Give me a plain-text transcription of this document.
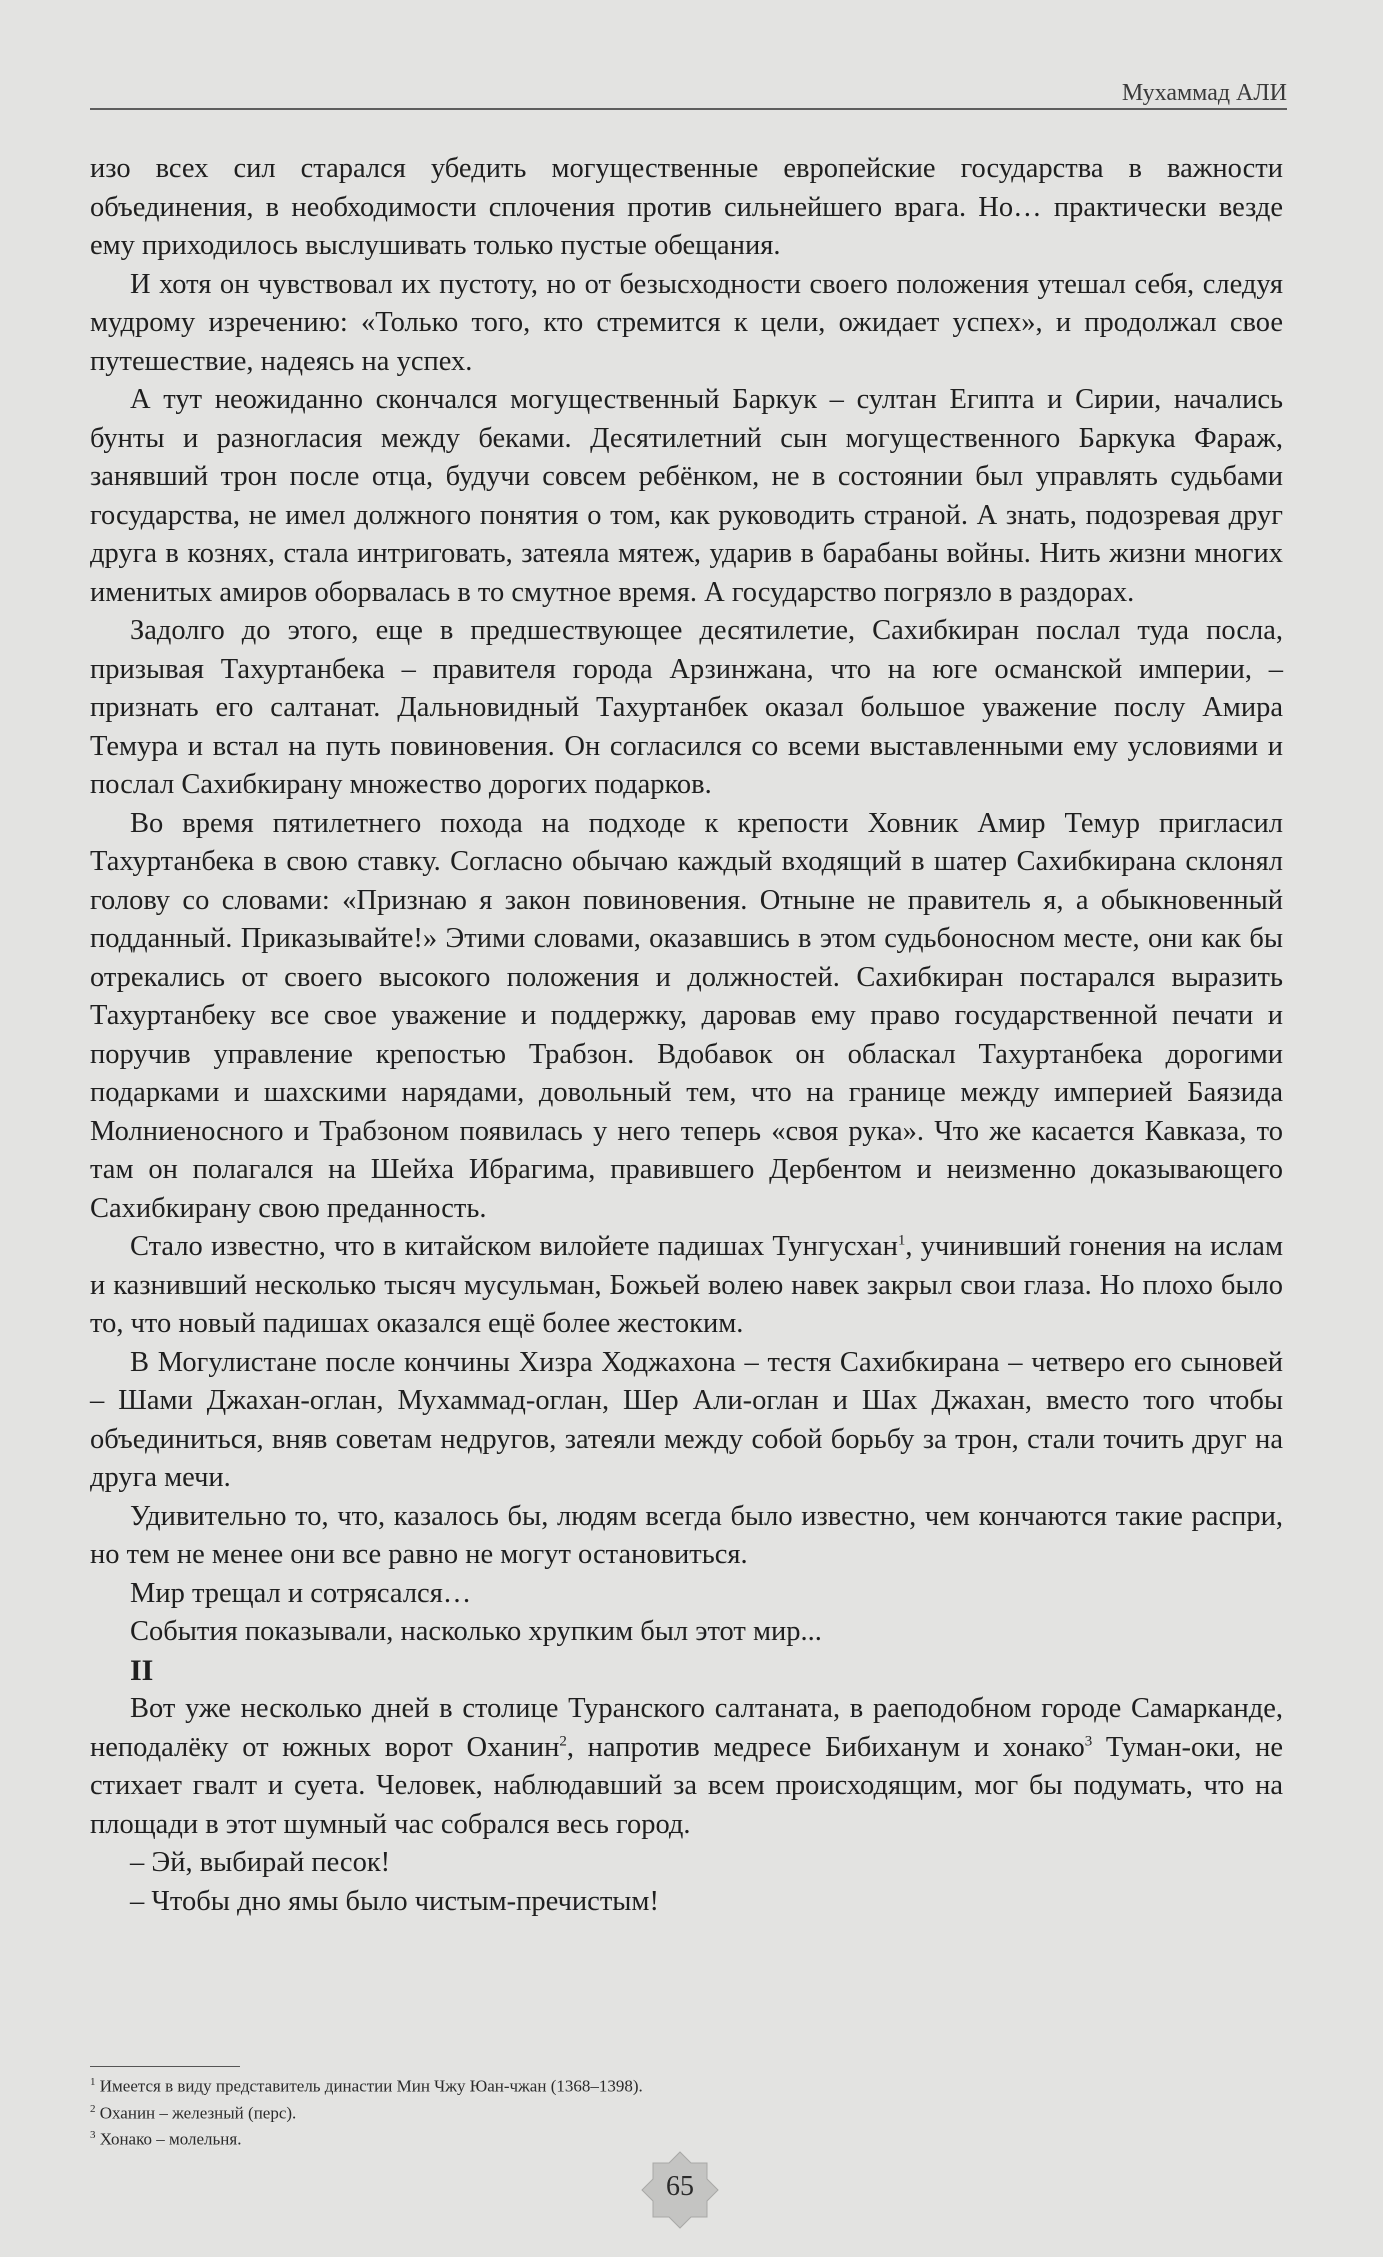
Мухаммад АЛИ

изо всех сил старался убедить могущественные европейские государства в важности объединения, в необходимости сплочения против сильнейшего врага. Но… практически везде ему приходилось выслушивать только пустые обещания.

И хотя он чувствовал их пустоту, но от безысходности своего положения утешал себя, следуя мудрому изречению: «Только того, кто стремится к цели, ожидает успех», и продолжал свое путешествие, надеясь на успех.

А тут неожиданно скончался могущественный Баркук – султан Египта и Сирии, начались бунты и разногласия между беками. Десятилетний сын могущественного Баркука Фараж, занявший трон после отца, будучи совсем ребёнком, не в состоянии был управлять судьбами государства, не имел должного понятия о том, как руководить страной. А знать, подозревая друг друга в кознях, стала интриговать, затеяла мятеж, ударив в барабаны войны. Нить жизни многих именитых амиров оборвалась в то смутное время. А государство погрязло в раздорах.

Задолго до этого, еще в предшествующее десятилетие, Сахибкиран послал туда посла, призывая Тахуртанбека – правителя города Арзинжана, что на юге османской империи, – признать его салтанат. Дальновидный Тахуртанбек оказал большое уважение послу Амира Темура и встал на путь повиновения. Он согласился со всеми выставленными ему условиями и послал Сахибкирану множество дорогих подарков.

Во время пятилетнего похода на подходе к крепости Ховник Амир Темур пригласил Тахуртанбека в свою ставку. Согласно обычаю каждый входящий в шатер Сахибкирана склонял голову со словами: «Признаю я закон повиновения. Отныне не правитель я, а обыкновенный подданный. Приказывайте!» Этими словами, оказавшись в этом судьбоносном месте, они как бы отрекались от своего высокого положения и должностей. Сахибкиран постарался выразить Тахуртанбеку все свое уважение и поддержку, даровав ему право государственной печати и поручив управление крепостью Трабзон. Вдобавок он обласкал Тахуртанбека дорогими подарками и шахскими нарядами, довольный тем, что на границе между империей Баязида Молниеносного и Трабзоном появилась у него теперь «своя рука». Что же касается Кавказа, то там он полагался на Шейха Ибрагима, правившего Дербентом и неизменно доказывающего Сахибкирану свою преданность.

Стало известно, что в китайском вилойете падишах Тунгусхан$^1$, учинивший гонения на ислам и казнивший несколько тысяч мусульман, Божьей волею навек закрыл свои глаза. Но плохо было то, что новый падишах оказался ещё более жестоким.

В Могулистане после кончины Хизра Ходжахона – тестя Сахибкирана – четверо его сыновей – Шами Джахан-оглан, Мухаммад-оглан, Шер Али-оглан и Шах Джахан, вместо того чтобы объединиться, вняв советам недругов, затеяли между собой борьбу за трон, стали точить друг на друга мечи.

Удивительно то, что, казалось бы, людям всегда было известно, чем кончаются такие распри, но тем не менее они все равно не могут остановиться.

Мир трещал и сотрясался…

События показывали, насколько хрупким был этот мир...

II

Вот уже несколько дней в столице Туранского салтаната, в раеподобном городе Самарканде, неподалёку от южных ворот Оханин$^2$, напротив медресе Бибиханум и хонако$^3$ Туман-оки, не стихает гвалт и суета. Человек, наблюдавший за всем происходящим, мог бы подумать, что на площади в этот шумный час собрался весь город.

– Эй, выбирай песок!

– Чтобы дно ямы было чистым-пречистым!

$^1$ Имеется в виду представитель династии Мин Чжу Юан-чжан (1368–1398).
$^2$ Оханин – железный (перс).
$^3$ Хонако – молельня.
65
